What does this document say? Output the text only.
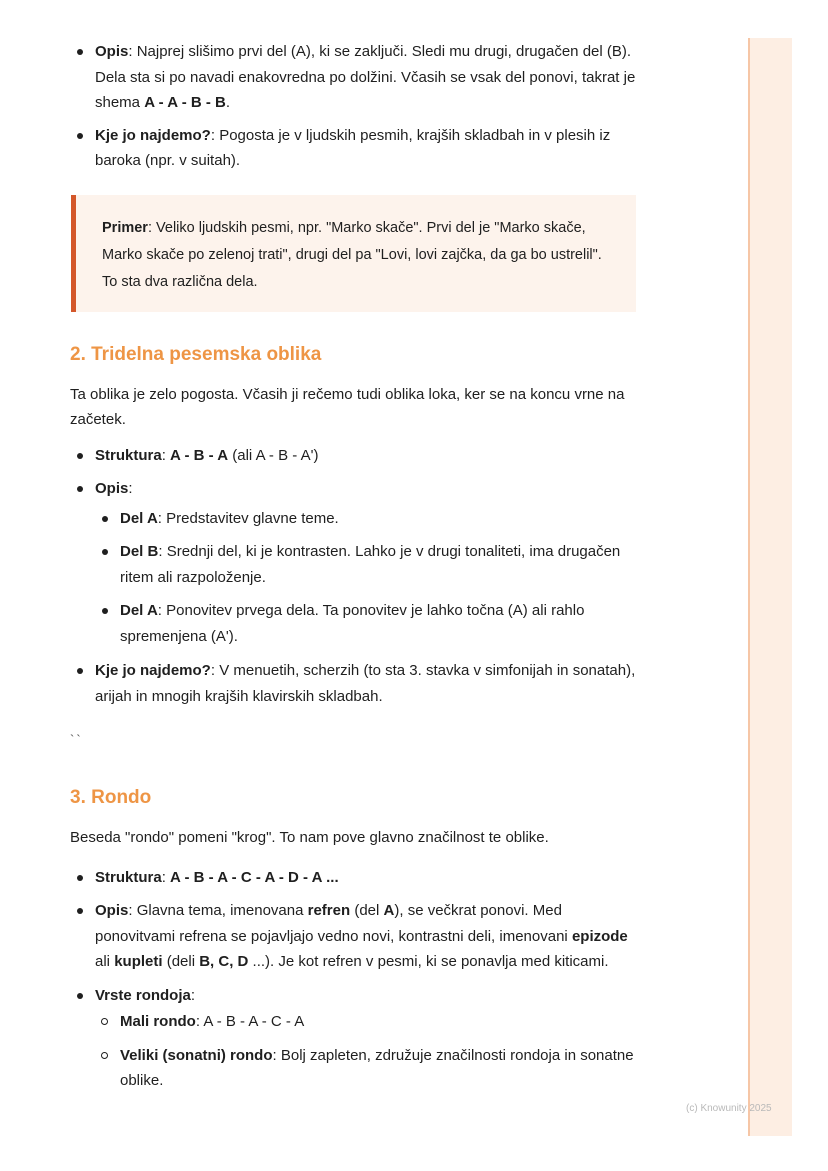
(c) Knowunity 2025
Opis: Najprej slišimo prvi del (A), ki se zaključi. Sledi mu drugi, drugačen del (B). Dela sta si po navadi enakovredna po dolžini. Včasih se vsak del ponovi, takrat je shema A - A - B - B.
Kje jo najdemo?: Pogosta je v ljudskih pesmih, krajših skladbah in v plesih iz baroka (npr. v suitah).
Primer: Veliko ljudskih pesmi, npr. "Marko skače". Prvi del je "Marko skače, Marko skače po zelenoj trati", drugi del pa "Lovi, lovi zajčka, da ga bo ustrelil". To sta dva različna dela.
2. Tridelna pesemska oblika

Ta oblika je zelo pogosta. Včasih ji rečemo tudi oblika loka, ker se na koncu vrne na začetek.

Struktura: A - B - A (ali A - B - A')
Opis:
Del A: Predstavitev glavne teme.
Del B: Srednji del, ki je kontrasten. Lahko je v drugi tonaliteti, ima drugačen ritem ali razpoloženje.
Del A: Ponovitev prvega dela. Ta ponovitev je lahko točna (A) ali rahlo spremenjena (A').
Kje jo najdemo?: V menuetih, scherzih (to sta 3. stavka v simfonijah in sonatah), arijah in mnogih krajših klavirskih skladbah.
``
3. Rondo

Beseda "rondo" pomeni "krog". To nam pove glavno značilnost te oblike.

Struktura: A - B - A - C - A - D - A ...
Opis: Glavna tema, imenovana refren (del A), se večkrat ponovi. Med ponovitvami refrena se pojavljajo vedno novi, kontrastni deli, imenovani epizode ali kupleti (deli B, C, D ...). Je kot refren v pesmi, ki se ponavlja med kiticami.
Vrste rondoja:
Mali rondo: A - B - A - C - A
Veliki (sonatni) rondo: Bolj zapleten, združuje značilnosti rondoja in sonatne oblike.
